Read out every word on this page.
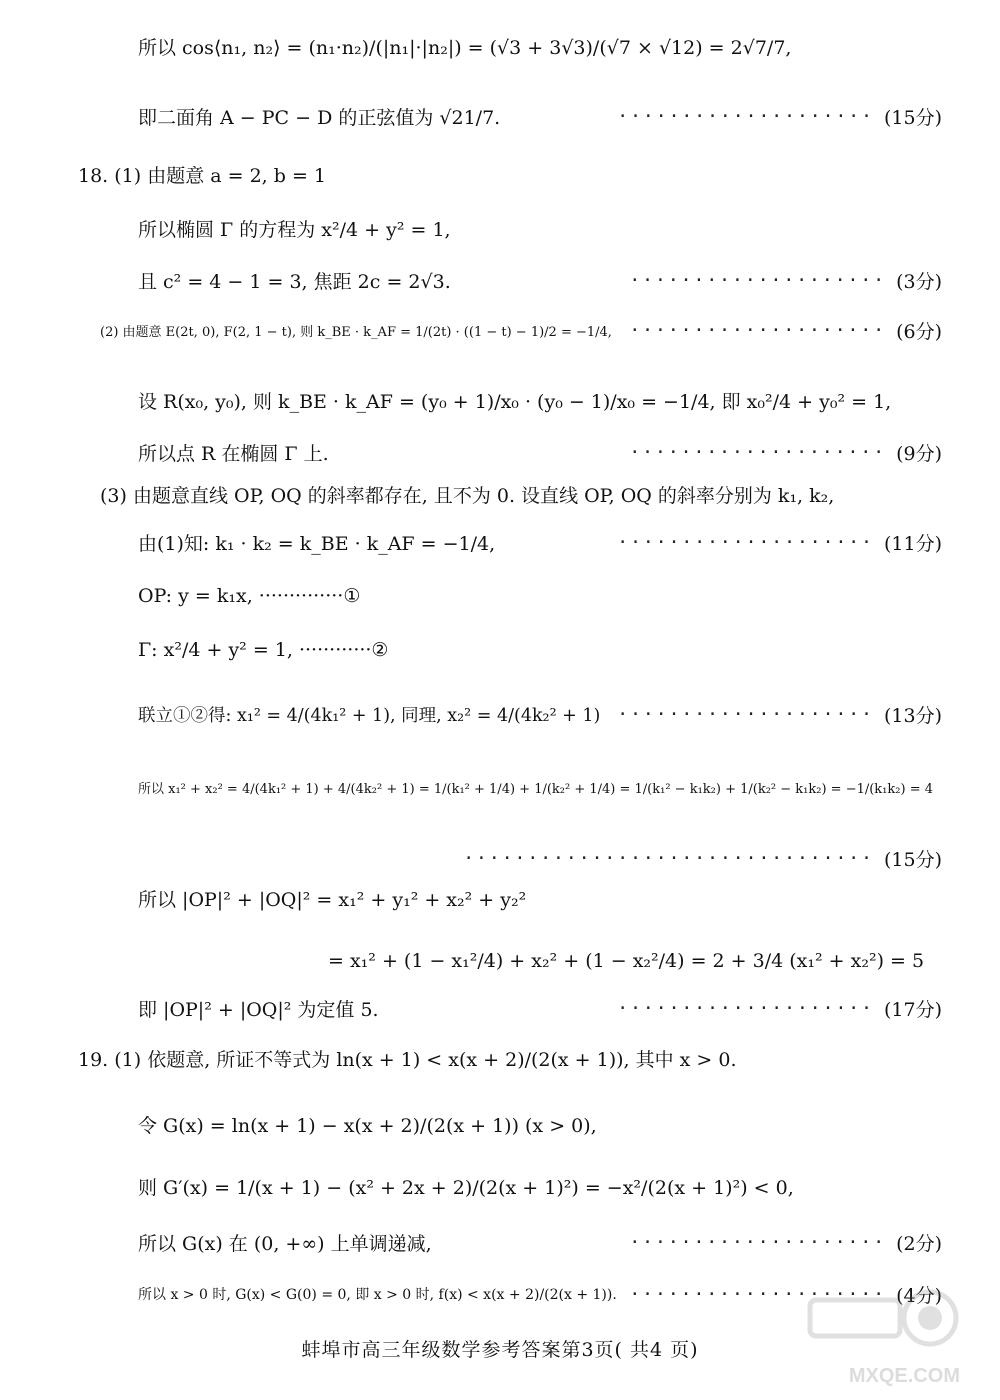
所以 cos⟨n₁, n₂⟩ = (n₁·n₂)/(|n₁|·|n₂|) = (√3 + 3√3)/(√7 × √12) = 2√7/7,
即二面角 A − PC − D 的正弦值为 √21/7.	···················· (15分)
18. (1) 由题意 a = 2, b = 1
所以椭圆 Γ 的方程为 x²/4 + y² = 1,
且 c² = 4 − 1 = 3, 焦距 2c = 2√3.	···················· (3分)
(2) 由题意 E(2t, 0), F(2, 1 − t), 则 k_BE · k_AF = 1/(2t) · ((1 − t) − 1)/2 = −1/4, ···················· (6分)
设 R(x₀, y₀), 则 k_BE · k_AF = (y₀ + 1)/x₀ · (y₀ − 1)/x₀ = −1/4, 即 x₀²/4 + y₀² = 1,
所以点 R 在椭圆 Γ 上.	···················· (9分)
(3) 由题意直线 OP, OQ 的斜率都存在, 且不为 0. 设直线 OP, OQ 的斜率分别为 k₁, k₂,
由(1)知: k₁ · k₂ = k_BE · k_AF = −1/4,	···················· (11分)
OP: y = k₁x, ··············①
Γ: x²/4 + y² = 1, ············②
联立①②得: x₁² = 4/(4k₁² + 1), 同理, x₂² = 4/(4k₂² + 1) ···················· (13分)
所以 x₁² + x₂² = 4/(4k₁² + 1) + 4/(4k₂² + 1) = 1/(k₁² + 1/4) + 1/(k₂² + 1/4) = 1/(k₁² − k₁k₂) + 1/(k₂² − k₁k₂) = −1/(k₁k₂) = 4
································ (15分)
所以 |OP|² + |OQ|² = x₁² + y₁² + x₂² + y₂²
= x₁² + (1 − x₁²/4) + x₂² + (1 − x₂²/4) = 2 + 3/4 (x₁² + x₂²) = 5
即 |OP|² + |OQ|² 为定值 5.	···················· (17分)
19. (1) 依题意, 所证不等式为 ln(x + 1) < x(x + 2)/(2(x + 1)), 其中 x > 0.
令 G(x) = ln(x + 1) − x(x + 2)/(2(x + 1)) (x > 0),
则 G′(x) = 1/(x + 1) − (x² + 2x + 2)/(2(x + 1)²) = −x²/(2(x + 1)²) < 0,
所以 G(x) 在 (0, +∞) 上单调递减,	···················· (2分)
所以 x > 0 时, G(x) < G(0) = 0, 即 x > 0 时, f(x) < x(x + 2)/(2(x + 1)). ···················· (4分)
蚌埠市高三年级数学参考答案第3页( 共4 页)
MXQE.COM
